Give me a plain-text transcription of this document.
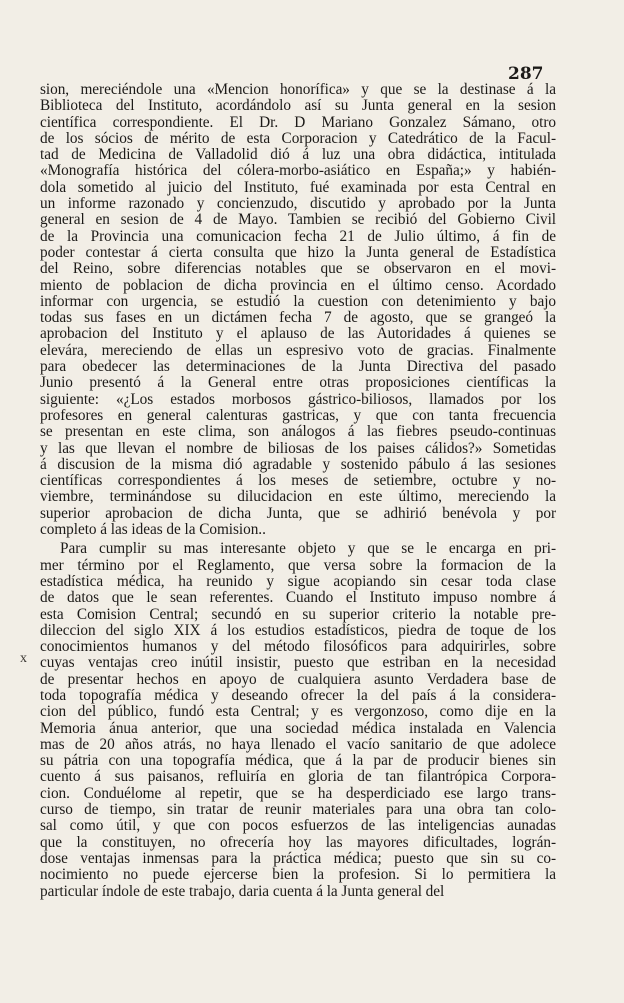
287
x
sion, mereciéndole una «Mencion honorífica» y que se la destinase á la
Biblioteca del Instituto, acordándolo así su Junta general en la sesion
científica correspondiente. El Dr. D Mariano Gonzalez Sámano, otro
de los sócios de mérito de esta Corporacion y Catedrático de la Facul-
tad de Medicina de Valladolid dió á luz una obra didáctica, intitulada
«Monografía histórica del cólera-morbo-asiático en España;» y habién-
dola sometido al juicio del Instituto, fué examinada por esta Central en
un informe razonado y concienzudo, discutido y aprobado por la Junta
general en sesion de 4 de Mayo. Tambien se recibió del Gobierno Civil
de la Provincia una comunicacion fecha 21 de Julio último, á fin de
poder contestar á cierta consulta que hizo la Junta general de Estadística
del Reino, sobre diferencias notables que se observaron en el movi-
miento de poblacion de dicha provincia en el último censo. Acordado
informar con urgencia, se estudió la cuestion con detenimiento y bajo
todas sus fases en un dictámen fecha 7 de agosto, que se grangeó la
aprobacion del Instituto y el aplauso de las Autoridades á quienes se
elevára, mereciendo de ellas un espresivo voto de gracias. Finalmente
para obedecer las determinaciones de la Junta Directiva del pasado
Junio presentó á la General entre otras proposiciones científicas la
siguiente: «¿Los estados morbosos gástrico-biliosos, llamados por los
profesores en general calenturas gastricas, y que con tanta frecuencia
se presentan en este clima, son análogos á las fiebres pseudo-continuas
y las que llevan el nombre de biliosas de los paises cálidos?» Sometidas
á discusion de la misma dió agradable y sostenido pábulo á las sesiones
científicas correspondientes á los meses de setiembre, octubre y no-
viembre, terminándose su dilucidacion en este último, mereciendo la
superior aprobacion de dicha Junta, que se adhirió benévola y por
completo á las ideas de la Comision..
Para cumplir su mas interesante objeto y que se le encarga en pri-
mer término por el Reglamento, que versa sobre la formacion de la
estadística médica, ha reunido y sigue acopiando sin cesar toda clase
de datos que le sean referentes. Cuando el Instituto impuso nombre á
esta Comision Central; secundó en su superior criterio la notable pre-
dileccion del siglo XIX á los estudios estadísticos, piedra de toque de los
conocimientos humanos y del método filosóficos para adquirirles, sobre
cuyas ventajas creo inútil insistir, puesto que estriban en la necesidad
de presentar hechos en apoyo de cualquiera asunto Verdadera base de
toda topografía médica y deseando ofrecer la del país á la considera-
cion del público, fundó esta Central; y es vergonzoso, como dije en la
Memoria ánua anterior, que una sociedad médica instalada en Valencia
mas de 20 años atrás, no haya llenado el vacío sanitario de que adolece
su pátria con una topografía médica, que á la par de producir bienes sin
cuento á sus paisanos, refluiría en gloria de tan filantrópica Corpora-
cion. Conduélome al repetir, que se ha desperdiciado ese largo trans-
curso de tiempo, sin tratar de reunir materiales para una obra tan colo-
sal como útil, y que con pocos esfuerzos de las inteligencias aunadas
que la constituyen, no ofrecería hoy las mayores dificultades, lográn-
dose ventajas inmensas para la práctica médica; puesto que sin su co-
nocimiento no puede ejercerse bien la profesion. Si lo permitiera la
particular índole de este trabajo, daria cuenta á la Junta general del
